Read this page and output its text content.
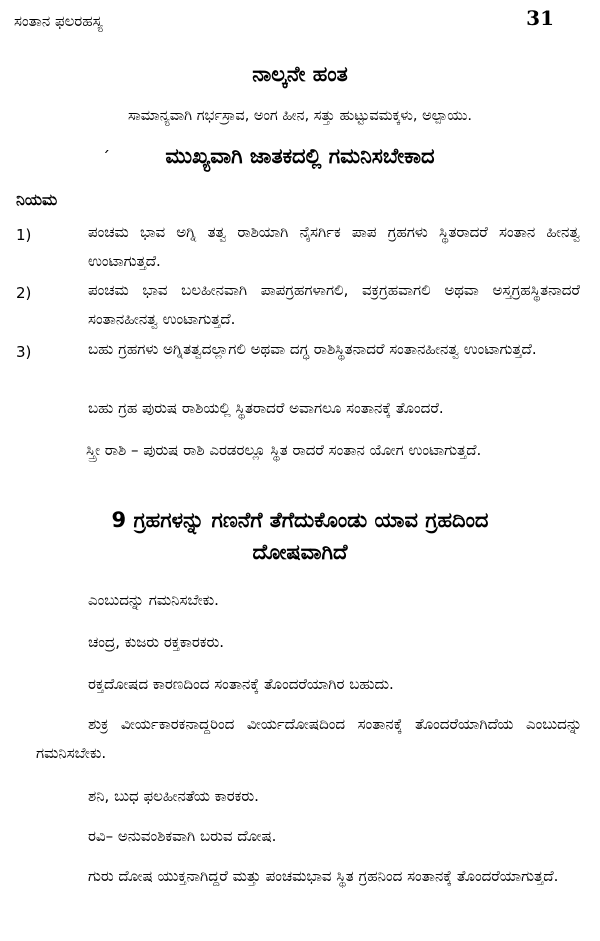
ಸಂತಾನ ಫಲರಹಸ್ಯ	31
ನಾಲ್ಕನೇ ಹಂತ
ಸಾಮಾನ್ಯವಾಗಿ ಗರ್ಭಸ್ರಾವ, ಅಂಗ ಹೀನ, ಸತ್ತು ಹುಟ್ಟುವಮಕ್ಕಳು, ಅಲ್ಪಾಯು.
ˊ	ಮುಖ್ಯವಾಗಿ ಜಾತಕದಲ್ಲಿ ಗಮನಿಸಬೇಕಾದ
ನಿಯಮ
1)	ಪಂಚಮ ಭಾವ ಅಗ್ನಿ ತತ್ವ ರಾಶಿಯಾಗಿ ನೈಸರ್ಗಿಕ ಪಾಪ ಗ್ರಹಗಳು ಸ್ಥಿತರಾದರೆ ಸಂತಾನ ಹೀನತ್ವ ಉಂಟಾಗುತ್ತದೆ.
2)	ಪಂಚಮ ಭಾವ ಬಲಹೀನವಾಗಿ ಪಾಪಗ್ರಹಗಳಾಗಲಿ, ವಕ್ರಗ್ರಹವಾಗಲಿ ಅಥವಾ ಅಸ್ತಗ್ರಹಸ್ಥಿತನಾದರೆ ಸಂತಾನಹೀನತ್ವ ಉಂಟಾಗುತ್ತದೆ.
3)	ಬಹು ಗ್ರಹಗಳು ಅಗ್ನಿತತ್ವದಲ್ಲಾಗಲಿ ಅಥವಾ ದಗ್ಧ ರಾಶಿಸ್ಥಿತನಾದರೆ ಸಂತಾನಹೀನತ್ವ ಉಂಟಾಗುತ್ತದೆ.
ಬಹು ಗ್ರಹ ಪುರುಷ ರಾಶಿಯಲ್ಲಿ ಸ್ಥಿತರಾದರೆ ಅವಾಗಲೂ ಸಂತಾನಕ್ಕೆ ತೊಂದರೆ.
ಸ್ತ್ರೀ ರಾಶಿ – ಪುರುಷ ರಾಶಿ ಎರಡರಲ್ಲೂ ಸ್ಥಿತ ರಾದರೆ ಸಂತಾನ ಯೋಗ ಉಂಟಾಗುತ್ತದೆ.
9 ಗ್ರಹಗಳನ್ನು ಗಣನೆಗೆ ತೆಗೆದುಕೊಂಡು ಯಾವ ಗ್ರಹದಿಂದ
ದೋಷವಾಗಿದೆ
ಎಂಬುದನ್ನು ಗಮನಿಸಬೇಕು.
ಚಂದ್ರ, ಕುಜರು ರಕ್ತಕಾರಕರು.
ರಕ್ತದೋಷದ ಕಾರಣದಿಂದ ಸಂತಾನಕ್ಕೆ ತೊಂದರೆಯಾಗಿರ ಬಹುದು.
ಶುಕ್ರ ವೀರ್ಯಕಾರಕನಾದ್ದರಿಂದ ವೀರ್ಯದೋಷದಿಂದ ಸಂತಾನಕ್ಕೆ ತೊಂದರೆಯಾಗಿದೆಯ ಎಂಬುದನ್ನು ಗಮನಿಸಬೇಕು.
ಶನಿ, ಬುಧ ಫಲಹೀನತೆಯ ಕಾರಕರು.
ರವಿ– ಅನುವಂಶಿಕವಾಗಿ ಬರುವ ದೋಷ.
ಗುರು ದೋಷ ಯುಕ್ತನಾಗಿದ್ದರೆ ಮತ್ತು ಪಂಚಮಭಾವ ಸ್ಥಿತ ಗ್ರಹನಿಂದ ಸಂತಾನಕ್ಕೆ ತೊಂದರೆಯಾಗುತ್ತದೆ.
